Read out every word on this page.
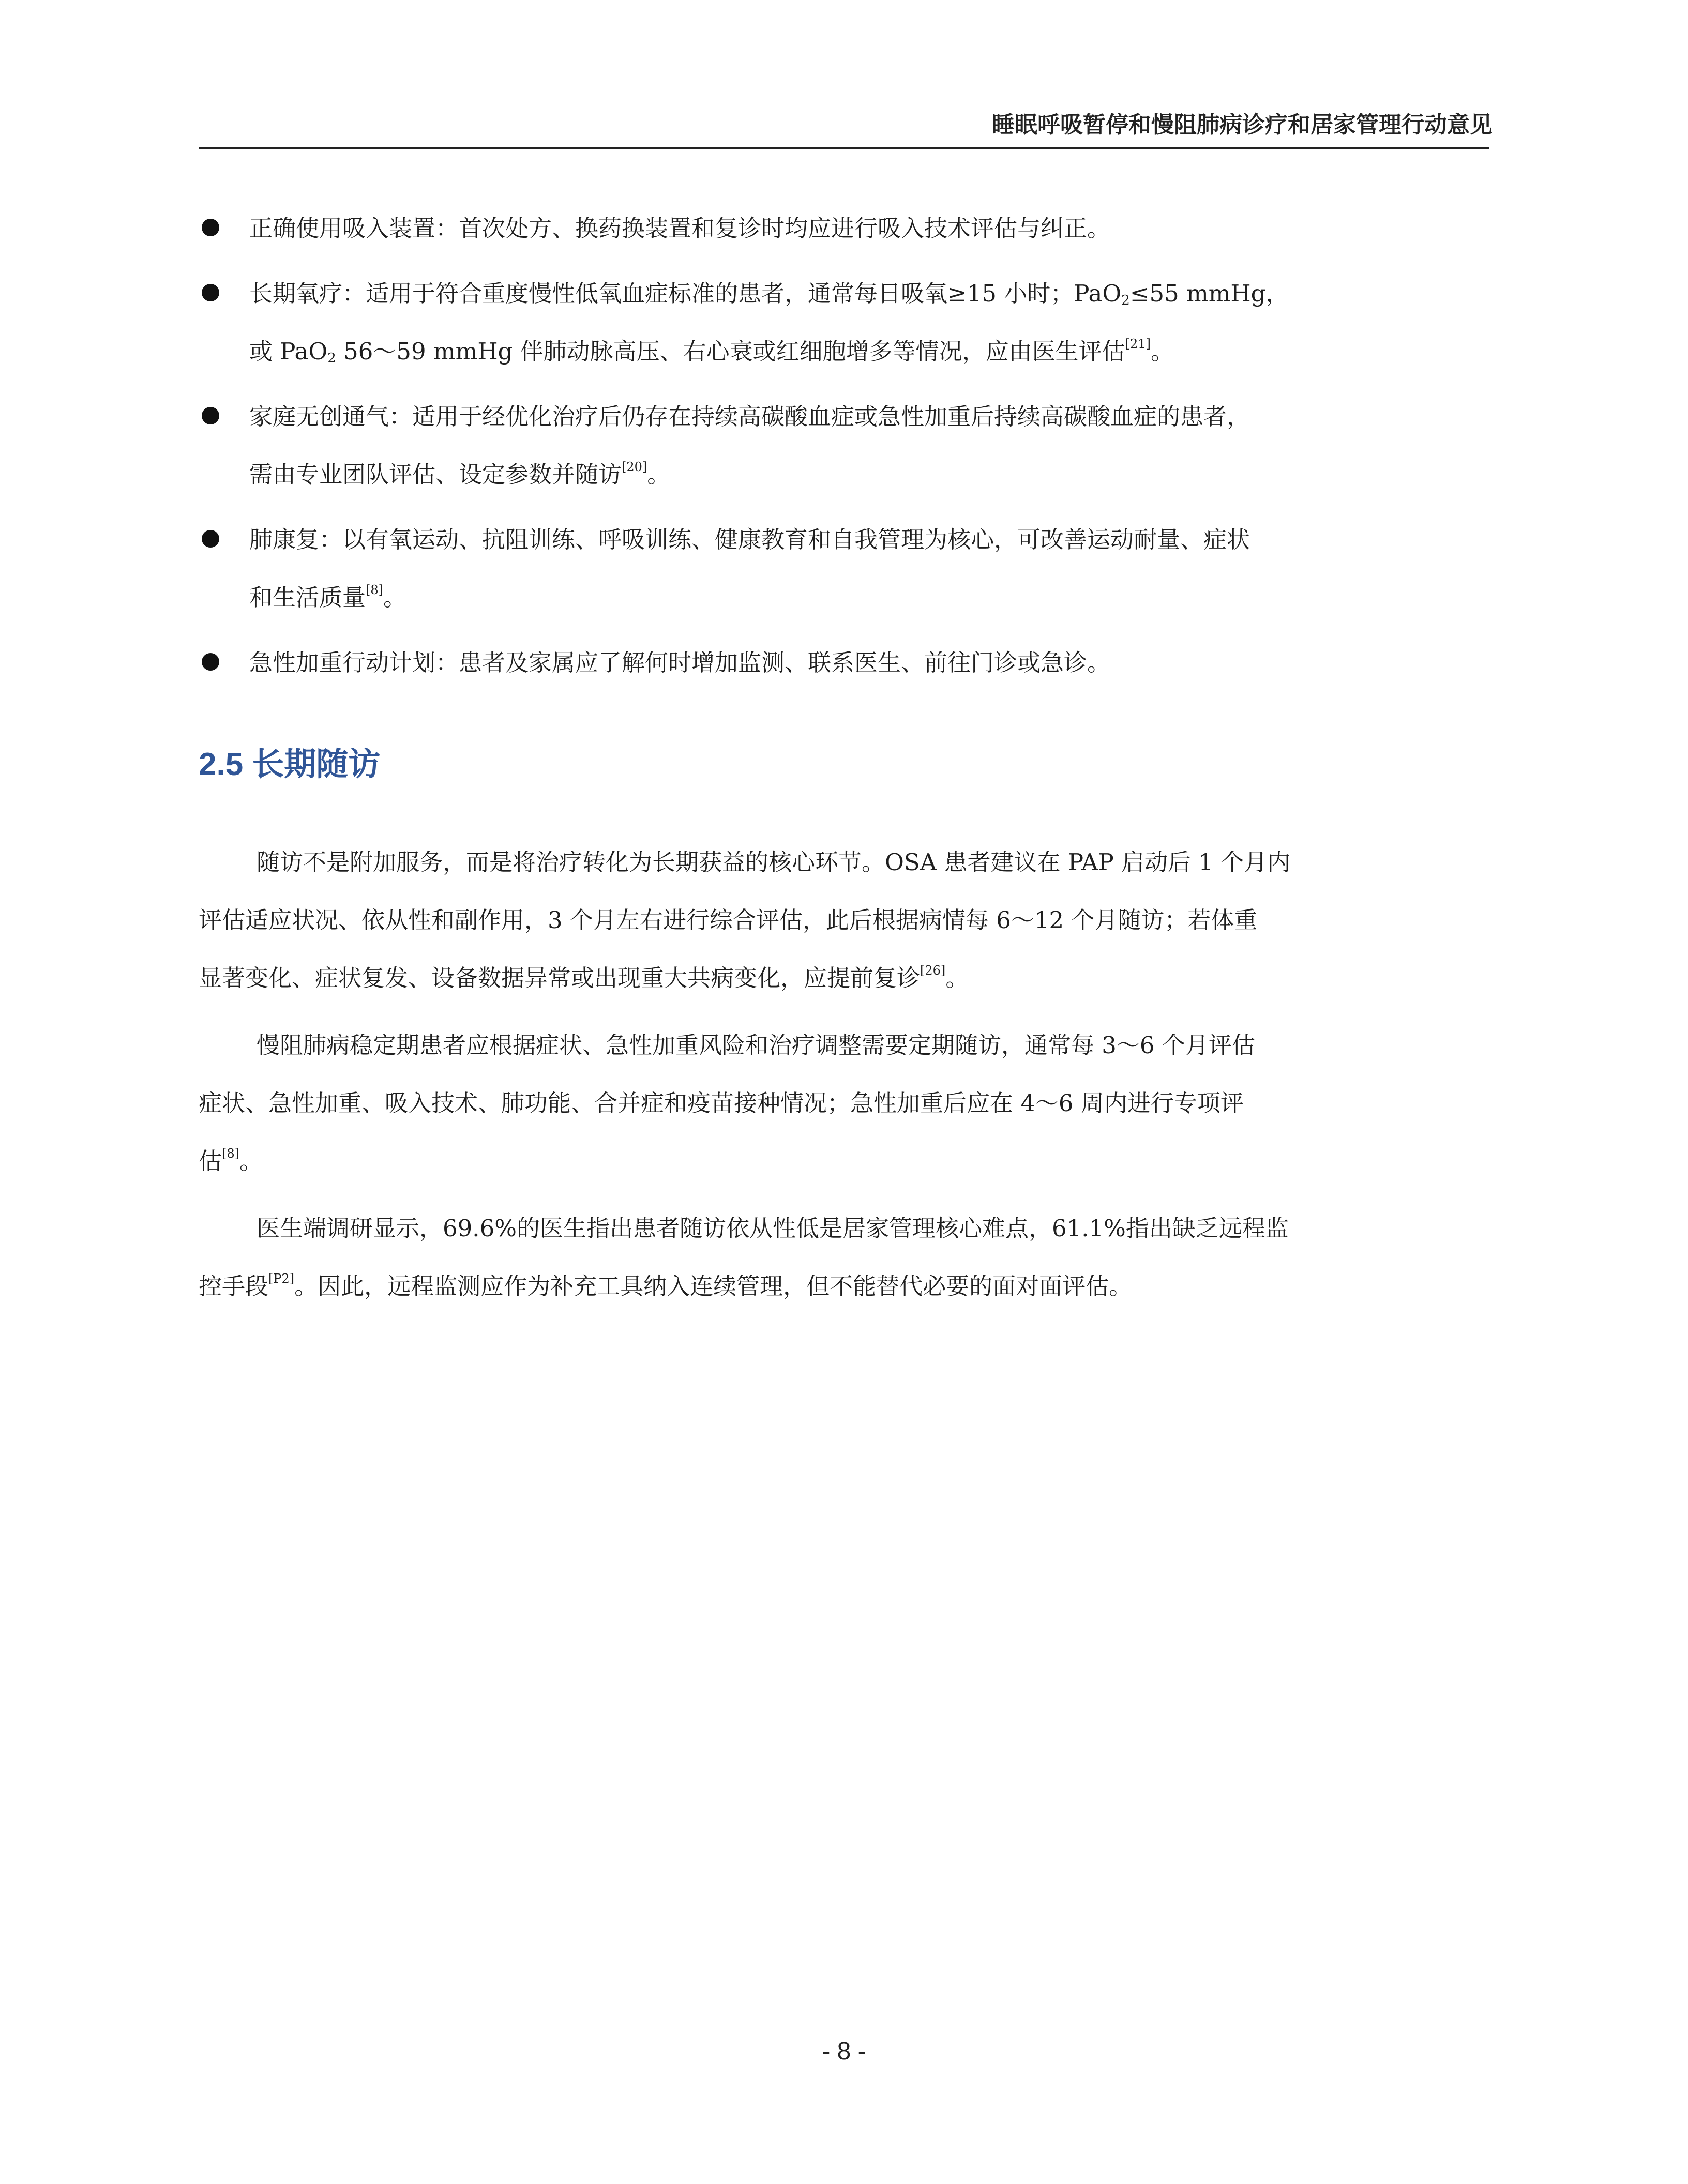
睡眠呼吸暂停和慢阻肺病诊疗和居家管理行动意见
正确使用吸入装置：首次处方、换药换装置和复诊时均应进行吸入技术评估与纠正。
长期氧疗：适用于符合重度慢性低氧血症标准的患者，通常每日吸氧≥15 小时；PaO$_2$≤55 mmHg，
或 PaO$_2$ 56～59 mmHg 伴肺动脉高压、右心衰或红细胞增多等情况，应由医生评估[21]。
家庭无创通气：适用于经优化治疗后仍存在持续高碳酸血症或急性加重后持续高碳酸血症的患者，
需由专业团队评估、设定参数并随访[20]。
肺康复：以有氧运动、抗阻训练、呼吸训练、健康教育和自我管理为核心，可改善运动耐量、症状
和生活质量[8]。
急性加重行动计划：患者及家属应了解何时增加监测、联系医生、前往门诊或急诊。
2.5 长期随访
随访不是附加服务，而是将治疗转化为长期获益的核心环节。OSA 患者建议在 PAP 启动后 1 个月内
评估适应状况、依从性和副作用，3 个月左右进行综合评估，此后根据病情每 6～12 个月随访；若体重
显著变化、症状复发、设备数据异常或出现重大共病变化，应提前复诊[26]。
慢阻肺病稳定期患者应根据症状、急性加重风险和治疗调整需要定期随访，通常每 3～6 个月评估
症状、急性加重、吸入技术、肺功能、合并症和疫苗接种情况；急性加重后应在 4～6 周内进行专项评
估[8]。
医生端调研显示，69.6%的医生指出患者随访依从性低是居家管理核心难点，61.1%指出缺乏远程监
控手段[P2]。因此，远程监测应作为补充工具纳入连续管理，但不能替代必要的面对面评估。
- 8 -
